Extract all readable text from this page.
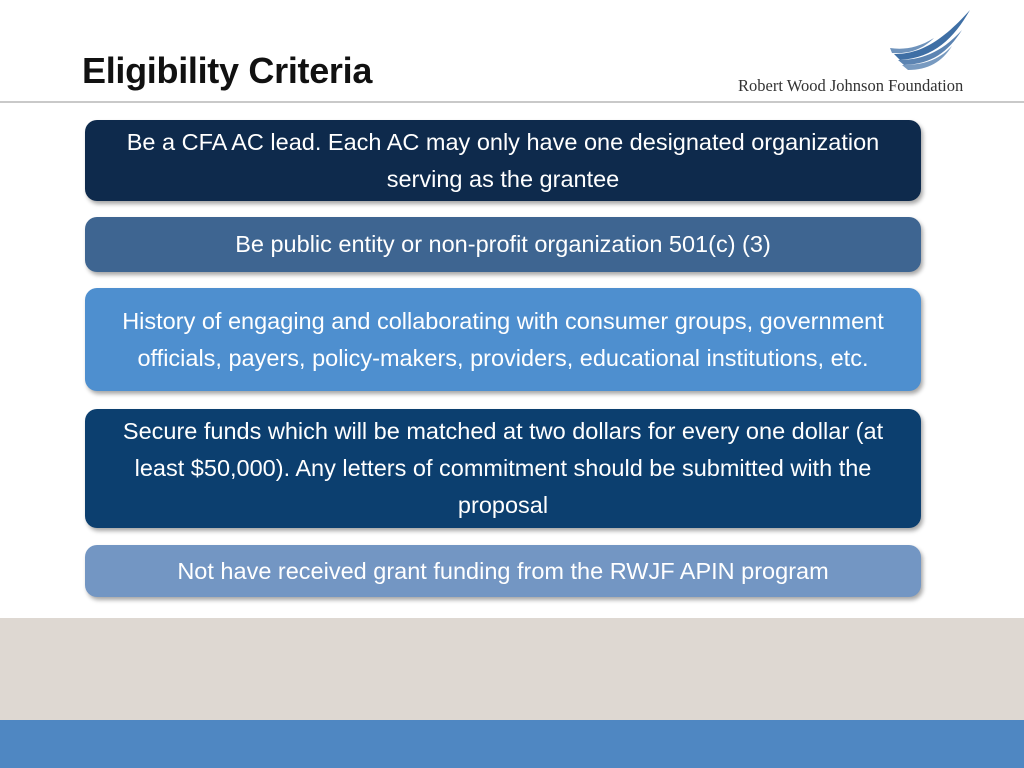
Eligibility Criteria	Robert Wood Johnson Foundation
Be a CFA AC lead. Each AC may only have one designated organization serving as the grantee
Be public entity or non-profit organization 501(c) (3)
History of engaging and collaborating with consumer groups, government officials, payers, policy-makers, providers, educational institutions, etc.
Secure funds which will be matched at two dollars for every one dollar (at least $50,000). Any letters of commitment should be submitted with the proposal
Not have received grant funding from the RWJF APIN program
